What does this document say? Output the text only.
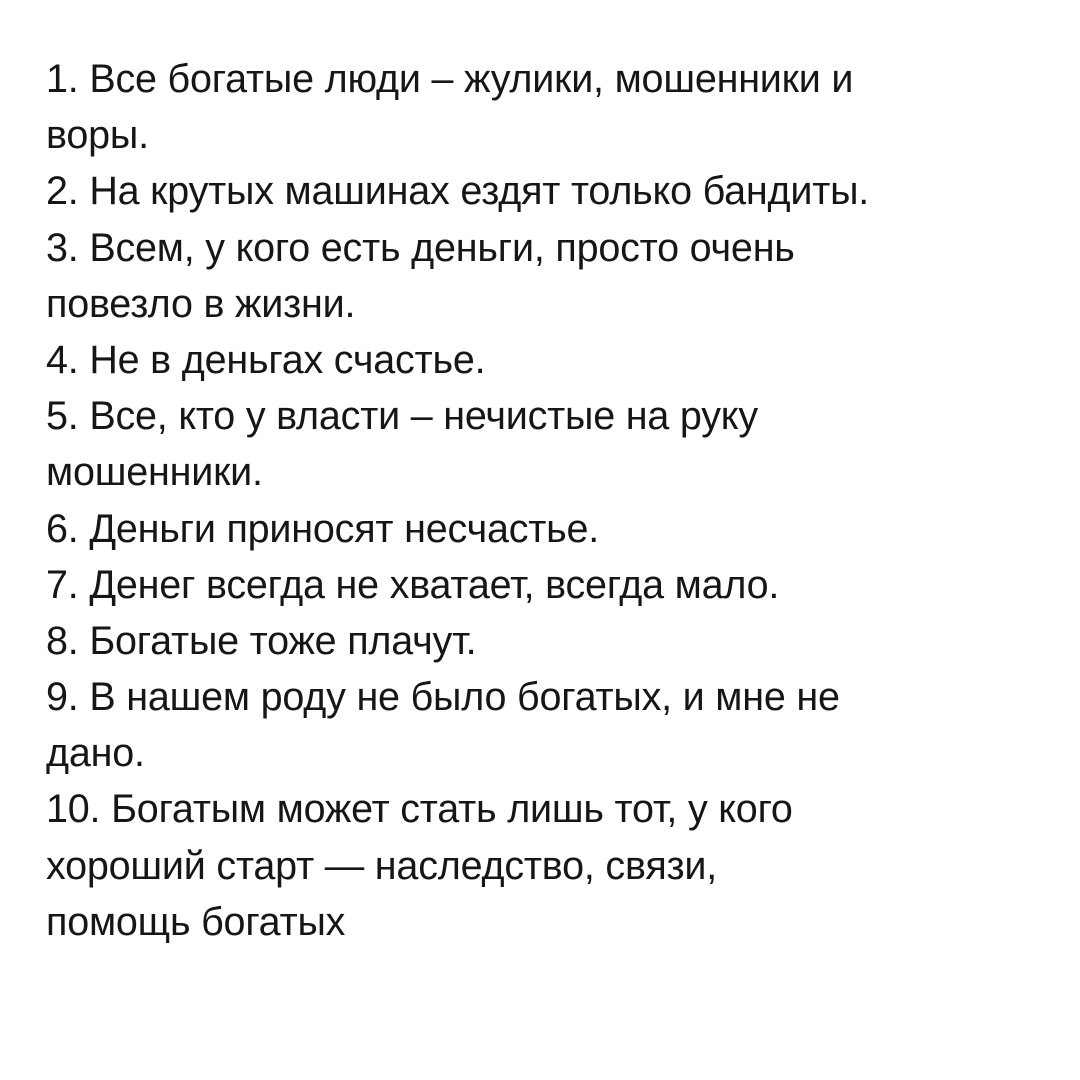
1. Все богатые люди – жулики, мошенники и
воры.
2. На крутых машинах ездят только бандиты.
3. Всем, у кого есть деньги, просто очень
повезло в жизни.
4. Не в деньгах счастье.
5. Все, кто у власти – нечистые на руку
мошенники.
6. Деньги приносят несчастье.
7. Денег всегда не хватает, всегда мало.
8. Богатые тоже плачут.
9. В нашем роду не было богатых, и мне не
дано.
10. Богатым может стать лишь тот, у кого
хороший старт — наследство, связи,
помощь богатых
